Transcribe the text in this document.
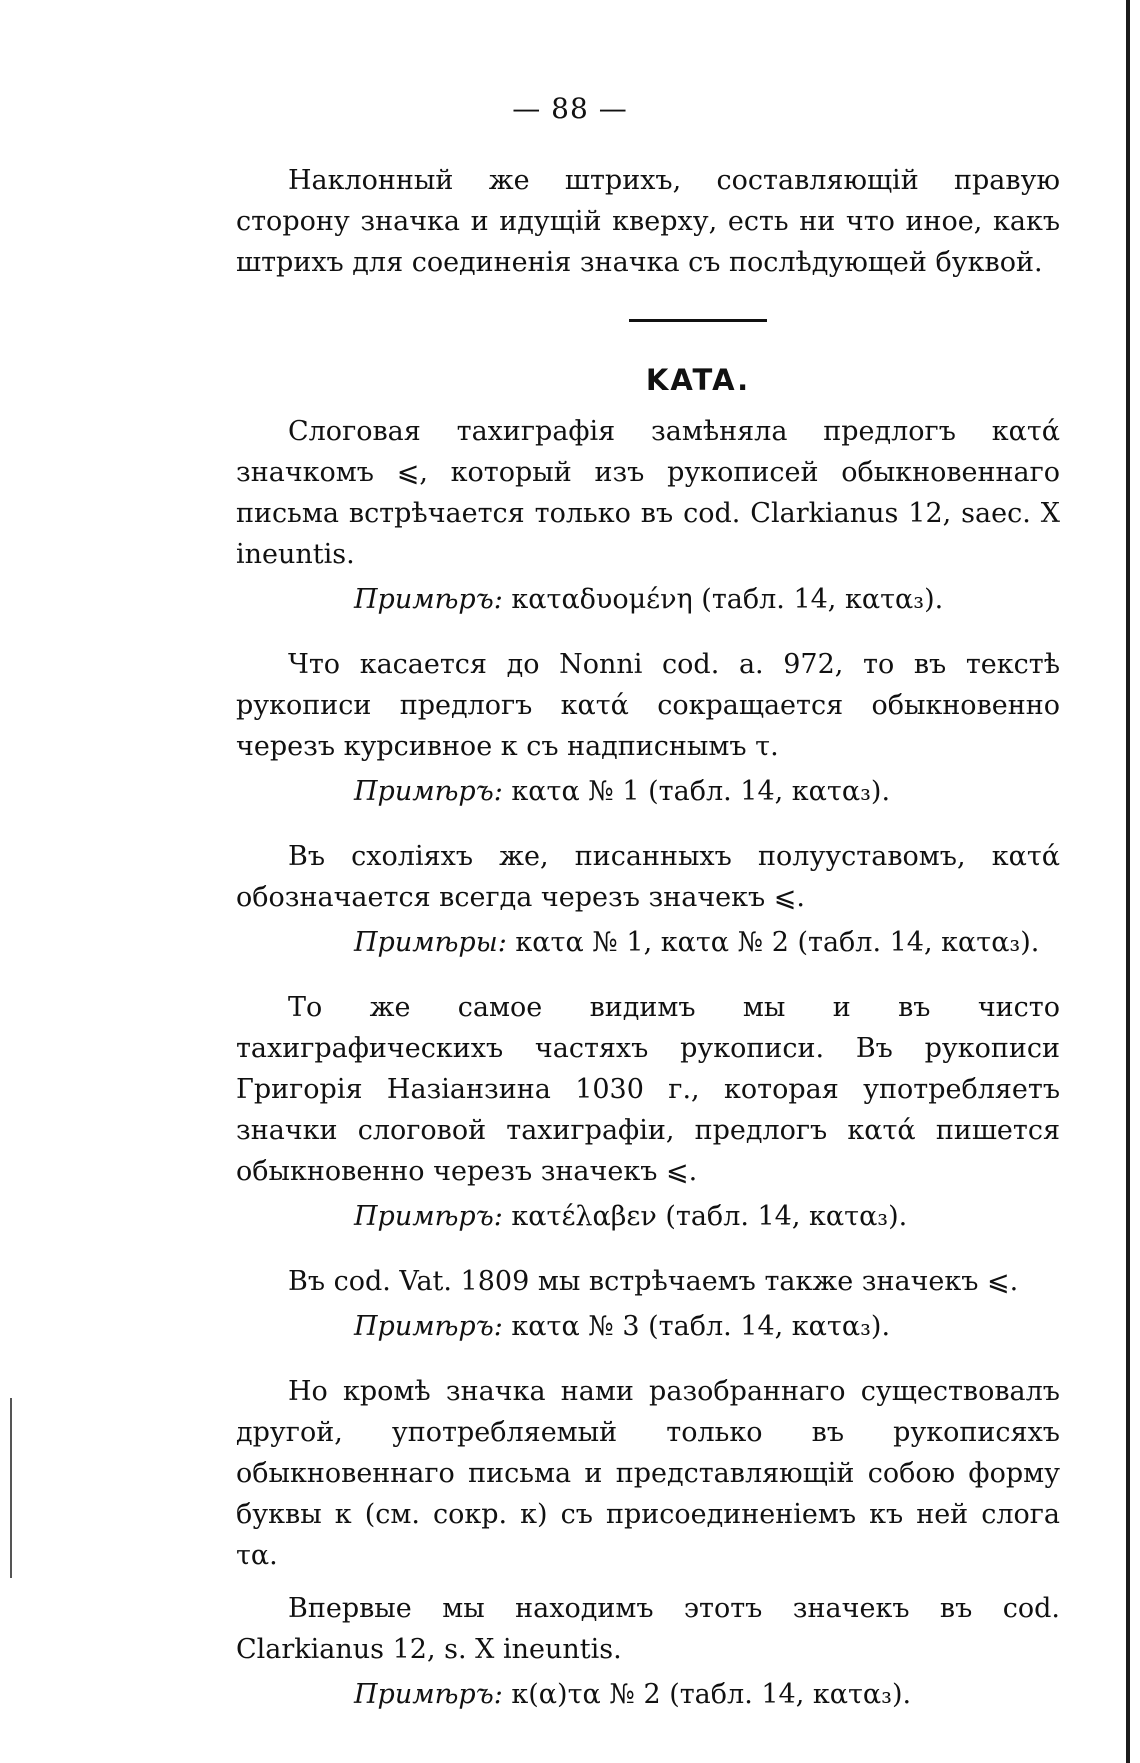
— 88 —

Наклонный же штрихъ, составляющій правую сторону значка и идущій кверху, есть ни что иное, какъ штрихъ для соединенія значка съ послѣдующей буквой.

KATA.

Слоговая тахиграфія замѣняла предлогъ κατά значкомъ ⩽, который изъ рукописей обыкновеннаго письма встрѣчается только въ cod. Clarkianus 12, saec. X ineuntis.

Примѣръ: καταδυομένη (табл. 14, κατα₃).

Что касается до Nonni cod. a. 972, то въ текстѣ рукописи предлогъ κατά сокращается обыкновенно черезъ курсивное κ съ надписнымъ τ.

Примѣръ: κατα № 1 (табл. 14, κατα₃).

Въ схоліяхъ же, писанныхъ полууставомъ, κατά обозначается всегда черезъ значекъ ⩽.

Примѣры: κατα № 1, κατα № 2 (табл. 14, κατα₃).

То же самое видимъ мы и въ чисто тахиграфическихъ частяхъ рукописи. Въ рукописи Григорія Назіанзина 1030 г., которая употребляетъ значки слоговой тахиграфіи, предлогъ κατά пишется обыкновенно черезъ значекъ ⩽.

Примѣръ: κατέλαβεν (табл. 14, κατα₃).

Въ cod. Vat. 1809 мы встрѣчаемъ также значекъ ⩽.

Примѣръ: κατα № 3 (табл. 14, κατα₃).

Но кромѣ значка нами разобраннаго существовалъ другой, употребляемый только въ рукописяхъ обыкновеннаго письма и представляющій собою форму буквы κ (см. сокр. κ) съ присоединеніемъ къ ней слога τα.

Впервые мы находимъ этотъ значекъ въ cod. Clarkianus 12, s. X ineuntis.

Примѣръ: κ(α)τα № 2 (табл. 14, κατα₃).
